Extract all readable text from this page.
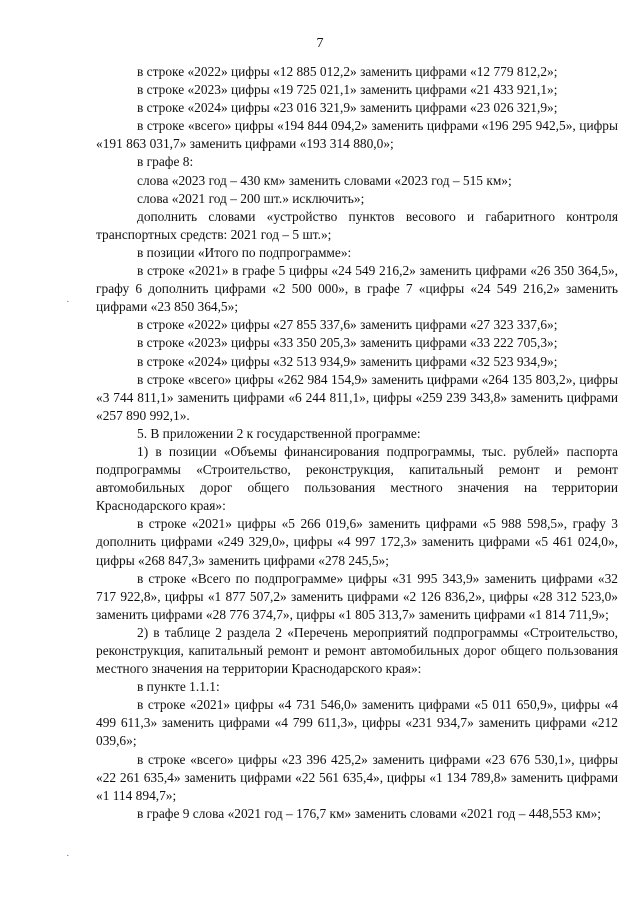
7

в строке «2022» цифры «12 885 012,2» заменить цифрами «12 779 812,2»;

в строке «2023» цифры «19 725 021,1» заменить цифрами «21 433 921,1»;

в строке «2024» цифры «23 016 321,9» заменить цифрами «23 026 321,9»;

в строке «всего» цифры «194 844 094,2» заменить цифрами «196 295 942,5», цифры «191 863 031,7» заменить цифрами «193 314 880,0»;

в графе 8:

слова «2023 год – 430 км» заменить словами «2023 год – 515 км»;

слова «2021 год – 200 шт.» исключить»;

дополнить словами «устройство пунктов весового и габаритного контроля транспортных средств: 2021 год – 5 шт.»;

в позиции «Итого по подпрограмме»:

в строке «2021» в графе 5 цифры «24 549 216,2» заменить цифрами «26 350 364,5», графу 6 дополнить цифрами «2 500 000», в графе 7 «цифры «24 549 216,2» заменить цифрами «23 850 364,5»;

в строке «2022» цифры «27 855 337,6» заменить цифрами «27 323 337,6»;

в строке «2023» цифры «33 350 205,3» заменить цифрами «33 222 705,3»;

в строке «2024» цифры «32 513 934,9» заменить цифрами «32 523 934,9»;

в строке «всего» цифры «262 984 154,9» заменить цифрами «264 135 803,2», цифры «3 744 811,1» заменить цифрами «6 244 811,1», цифры «259 239 343,8» заменить цифрами «257 890 992,1».

5. В приложении 2 к государственной программе:

1) в позиции «Объемы финансирования подпрограммы, тыс. рублей» паспорта подпрограммы «Строительство, реконструкция, капитальный ремонт и ремонт автомобильных дорог общего пользования местного значения на территории Краснодарского края»:

в строке «2021» цифры «5 266 019,6» заменить цифрами «5 988 598,5», графу 3 дополнить цифрами «249 329,0», цифры «4 997 172,3» заменить цифрами «5 461 024,0», цифры «268 847,3» заменить цифрами «278 245,5»;

в строке «Всего по подпрограмме» цифры «31 995 343,9» заменить цифрами «32 717 922,8», цифры «1 877 507,2» заменить цифрами «2 126 836,2», цифры «28 312 523,0» заменить цифрами «28 776 374,7», цифры «1 805 313,7» заменить цифрами «1 814 711,9»;

2) в таблице 2 раздела 2 «Перечень мероприятий подпрограммы «Строительство, реконструкция, капитальный ремонт и ремонт автомобильных дорог общего пользования местного значения на территории Краснодарского края»:

в пункте 1.1.1:

в строке «2021» цифры «4 731 546,0» заменить цифрами «5 011 650,9», цифры «4 499 611,3» заменить цифрами «4 799 611,3», цифры «231 934,7» заменить цифрами «212 039,6»;

в строке «всего» цифры «23 396 425,2» заменить цифрами «23 676 530,1», цифры «22 261 635,4» заменить цифрами «22 561 635,4», цифры «1 134 789,8» заменить цифрами «1 114 894,7»;

в графе 9 слова «2021 год – 176,7 км» заменить словами «2021 год – 448,553 км»;

·
·
